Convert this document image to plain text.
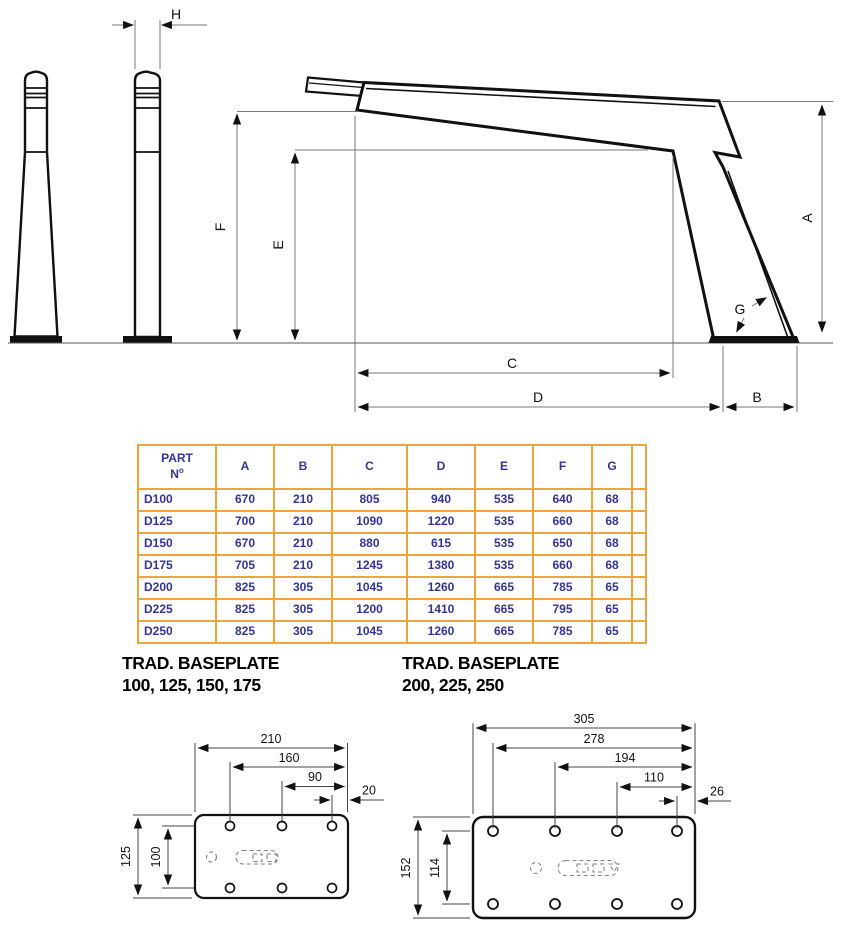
H
A
F
E
C
D	B
G
TRAD. BASEPLATE
100, 125, 150, 175
TRAD. BASEPLATE
200, 225, 250
210
160
90
20
125 100
305
278
194
110
26
152 114
PART
$N^o$	A	B	C	D	E	F	G	
D100	670	210	805	940	535	640	68	
D125	700	210	1090	1220	535	660	68	
D150	670	210	880	615	535	650	68	
D175	705	210	1245	1380	535	660	68	
D200	825	305	1045	1260	665	785	65	
D225	825	305	1200	1410	665	795	65	
D250	825	305	1045	1260	665	785	65	
